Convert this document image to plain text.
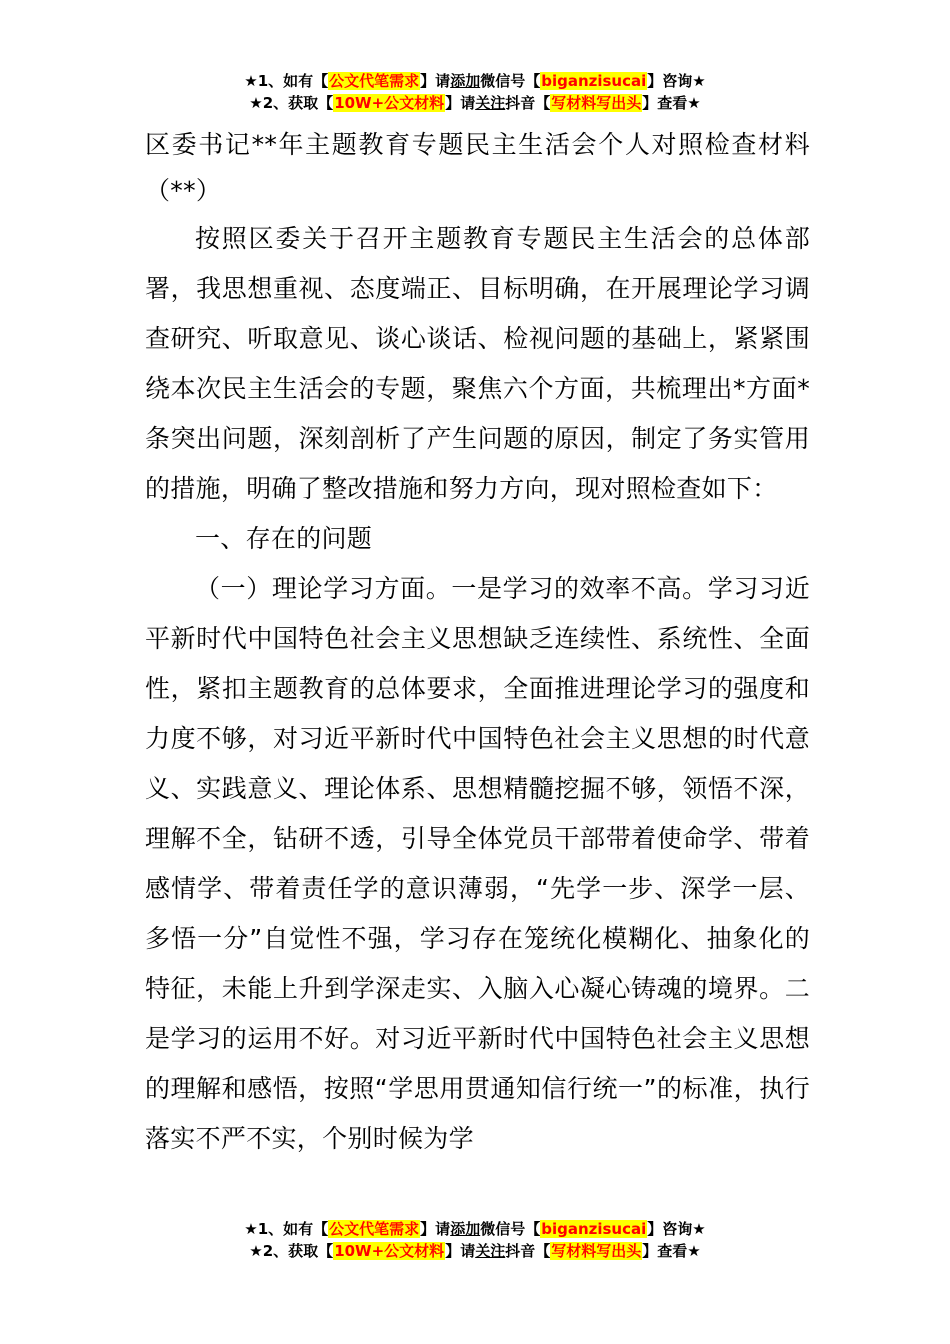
★1、如有【公文代笔需求】请添加微信号【biganzisucai】咨询★
★2、获取【10W+公文材料】请关注抖音【写材料写出头】查看★

区委书记**年主题教育专题民主生活会个人对照检查材料（**）

按照区委关于召开主题教育专题民主生活会的总体部署，我思想重视、态度端正、目标明确，在开展理论学习调查研究、听取意见、谈心谈话、检视问题的基础上，紧紧围绕本次民主生活会的专题，聚焦六个方面，共梳理出*方面*条突出问题，深刻剖析了产生问题的原因，制定了务实管用的措施，明确了整改措施和努力方向，现对照检查如下：

一、存在的问题

（一）理论学习方面。一是学习的效率不高。学习习近平新时代中国特色社会主义思想缺乏连续性、系统性、全面性，紧扣主题教育的总体要求，全面推进理论学习的强度和力度不够，对习近平新时代中国特色社会主义思想的时代意义、实践意义、理论体系、思想精髓挖掘不够，领悟不深，理解不全，钻研不透，引导全体党员干部带着使命学、带着感情学、带着责任学的意识薄弱，“先学一步、深学一层、多悟一分”自觉性不强，学习存在笼统化模糊化、抽象化的特征，未能上升到学深走实、入脑入心凝心铸魂的境界。二是学习的运用不好。对习近平新时代中国特色社会主义思想的理解和感悟，按照“学思用贯通知信行统一”的标准，执行落实不严不实，个别时候为学

★1、如有【公文代笔需求】请添加微信号【biganzisucai】咨询★
★2、获取【10W+公文材料】请关注抖音【写材料写出头】查看★
